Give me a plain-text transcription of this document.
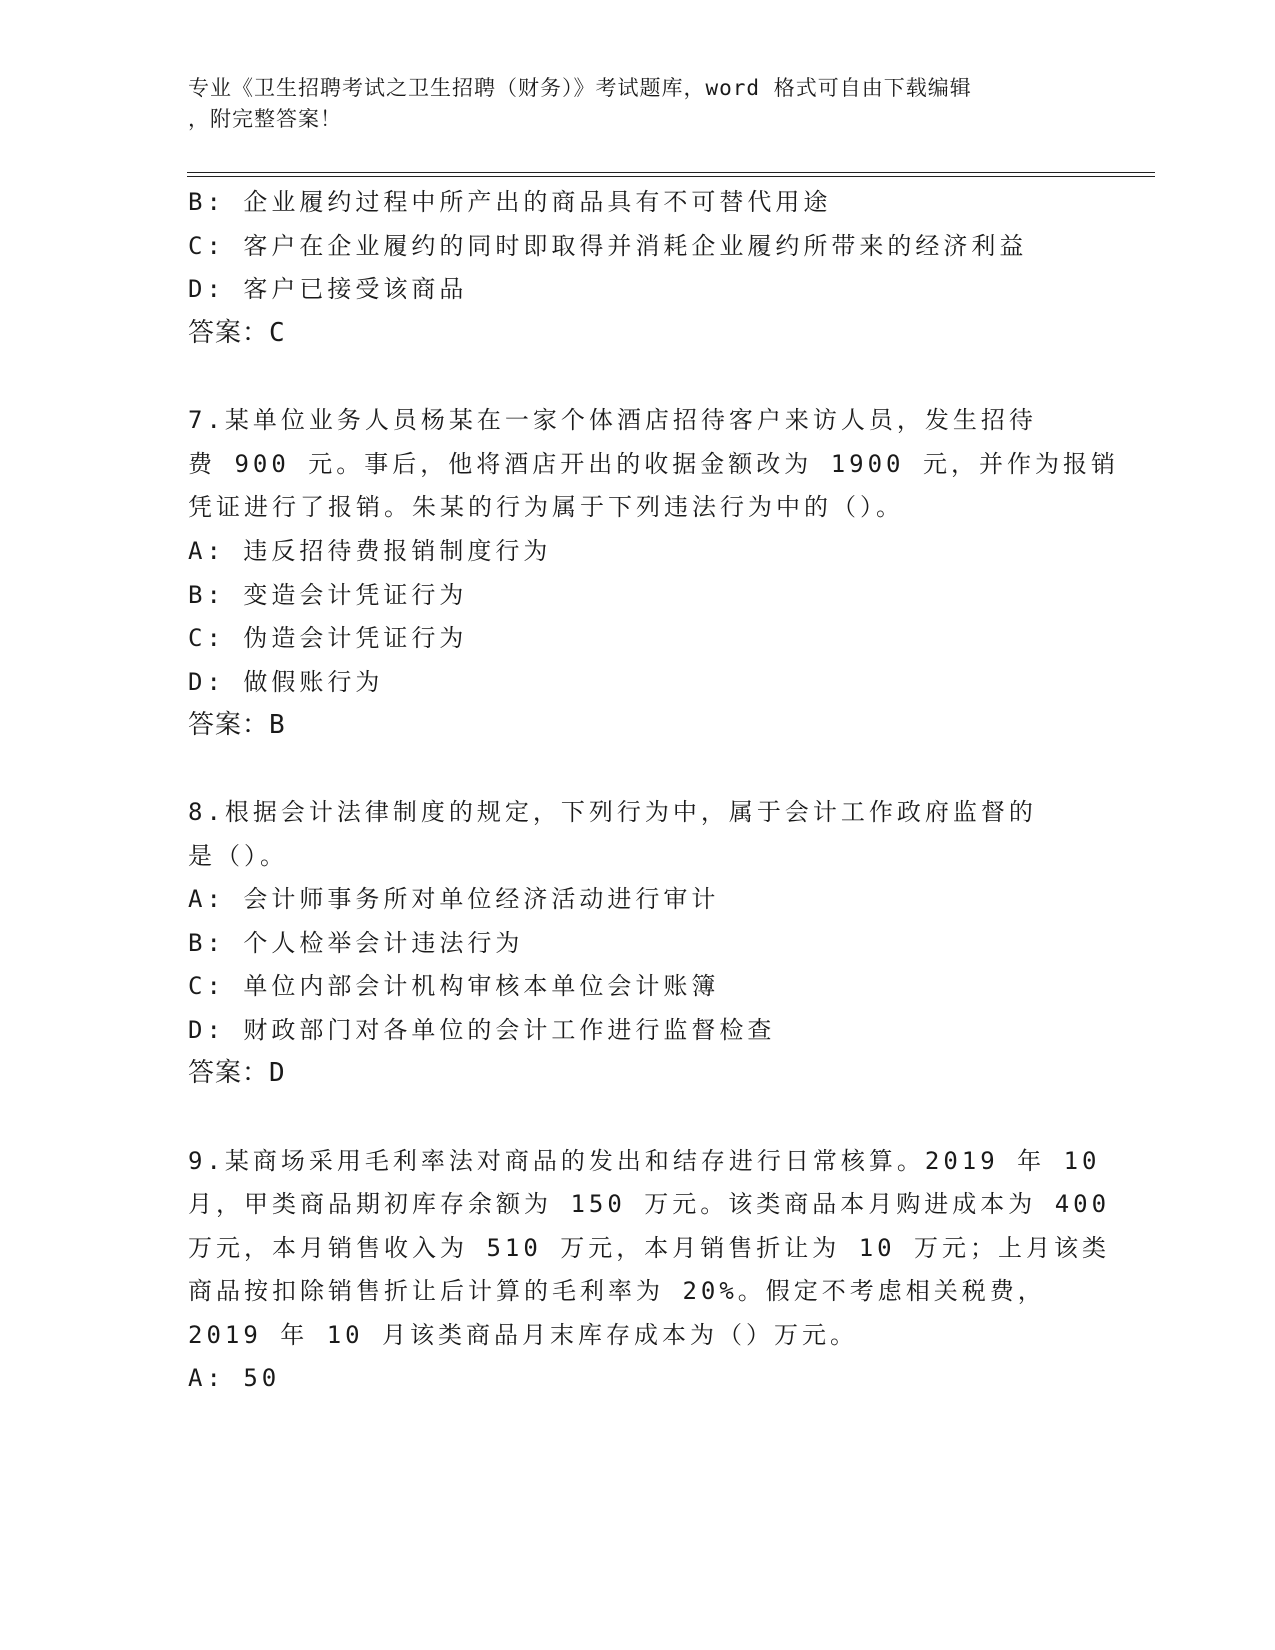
专业《卫生招聘考试之卫生招聘（财务）》考试题库，word 格式可自由下载编辑
，附完整答案！
B: 企业履约过程中所产出的商品具有不可替代用途
C: 客户在企业履约的同时即取得并消耗企业履约所带来的经济利益
D: 客户已接受该商品
答案：C
7.某单位业务人员杨某在一家个体酒店招待客户来访人员，发生招待
费 900 元。事后，他将酒店开出的收据金额改为 1900 元，并作为报销
凭证进行了报销。朱某的行为属于下列违法行为中的（）。
A: 违反招待费报销制度行为
B: 变造会计凭证行为
C: 伪造会计凭证行为
D: 做假账行为
答案：B
8.根据会计法律制度的规定，下列行为中，属于会计工作政府监督的
是（）。
A: 会计师事务所对单位经济活动进行审计
B: 个人检举会计违法行为
C: 单位内部会计机构审核本单位会计账簿
D: 财政部门对各单位的会计工作进行监督检查
答案：D
9.某商场采用毛利率法对商品的发出和结存进行日常核算。2019 年 10
月，甲类商品期初库存余额为 150 万元。该类商品本月购进成本为 400
万元，本月销售收入为 510 万元，本月销售折让为 10 万元；上月该类
商品按扣除销售折让后计算的毛利率为 20%。假定不考虑相关税费，
2019 年 10 月该类商品月末库存成本为（）万元。
A: 50
